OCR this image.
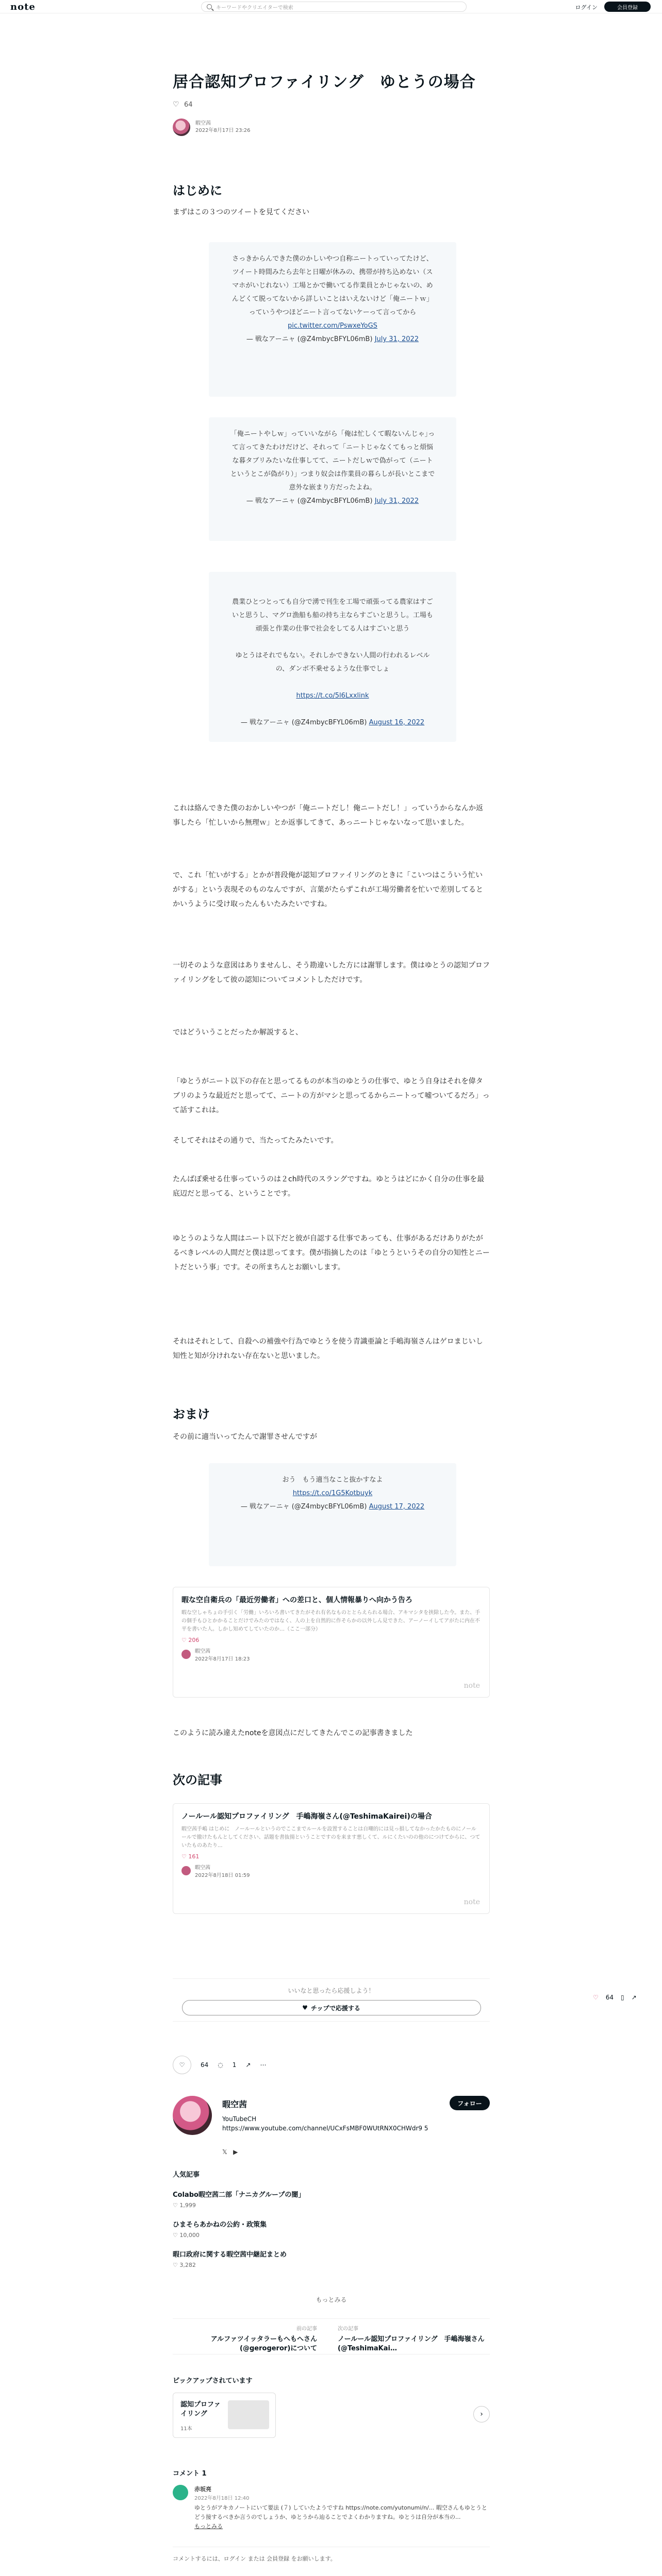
note	キーワードやクリエイターで検索	ログイン	会員登録
居合認知プロファイリング　ゆとうの場合
♡
64
暇空茜
2022年8月17日 23:26
はじめに

まずはこの３つのツイートを見てください

さっきからんできた僕のかしいやつ自称ニートっていってたけど、ツイート時間みたら去年と日曜が休みの、携帯が持ち込めない（スマホがいじれない）工場とかで働いてる作業員とかじゃないの、めんどくて脱ってないから詳しいことはいえないけど「俺ニートｗ」っていうやつほどニート言ってないケーって言ってから
pic.twitter.com/PswxeYoGS
— 戦なアーニャ (@Z4mbycBFYL06mB) July 31, 2022
「俺ニートやしｗ」っていいながら「俺は忙しくて暇ないんじゃ｣って言ってきたわけだけど、それって「ニートじゃなくてもっと煩悩な暮タブリみたいな仕事してて、ニートだしｗで偽がって（ニートというとこが偽がり）」つまり奴会は作業員の暮らしが長いとこまで意外な嵌まり方だったよね。
— 戦なアーニャ (@Z4mbycBFYL06mB) July 31, 2022

農業ひとつとっても自分で湧で刊生を工場で頑張ってる農家はすごいと思うし、マグロ漁船も船の持ち主ならすごいと思うし。工場も頑張と作業の仕事で社会をしてる人はすごいと思う

ゆとうはそれでもない。それしかできない人間の行われるレベルの、ダンボ不乗せるような仕事でしょ

https://t.co/5l6Lxxlink

— 戦なアーニャ (@Z4mbycBFYL06mB) August 16, 2022

これは絡んできた僕のおかしいやつが「俺ニートだし！俺ニートだし！」っていうからなんか返事したら「忙しいから無理ｗ」とか返事してきて、あっニートじゃないなって思いました。

で、これ「忙いがする」とかが普段俺が認知プロファイリングのときに「こいつはこういう忙いがする」という表現そのものなんですが、言葉がたらずこれが工場労働者を忙いで差別してるとかいうように受け取ったんもいたみたいですね。

一切そのような意図はありませんし、そう勘違いした方には謝罪します。僕はゆとうの認知プロファイリングをして彼の認知についてコメントしただけです。

ではどういうことだったか解説すると、

「ゆとうがニート以下の存在と思ってるものが本当のゆとうの仕事で、ゆとう自身はそれを偉タブリのような最近だと思ってて、ニートの方がマシと思ってるからニートって嘘ついてるだろ」って話すこれは。

そしてそれはその通りで、当たってたみたいです。

たんぱぽ乗せる仕事っていうのは２ch時代のスラングですね。ゆとうはどにかく自分の仕事を最底辺だと思ってる、ということです。

ゆとうのような人間はニート以下だと彼が自認する仕事であっても、仕事があるだけありがたがるべきレベルの人間だと僕は思ってます。僕が指摘したのは「ゆとうというその自分の知性とニートだという事」です。その所まちんとお願いします。

それはそれとして、自殺への補強や行為でゆとうを使う青識亜論と手嶋海嶺さんはゲロまじいし知性と知が分けれない存在ないと思いました。

おまけ

その前に適当いってたんで謝罪させんですが

おう　もう適当なこと抜かすなよ
https://t.co/1G5Kotbuyk
— 戦なアーニャ (@Z4mbycBFYL06mB) August 17, 2022
暇な空自衛兵の「最近労働者」への差口と、個人情報暴りへ向かう告ろ
暇な空しゃちょの手引く「労働」いろいろ書いてきたがそれ有名なものととらえられる場合、アキマシタを挟除した今。また、手の個手もひとかかることだけでみたのではなく、人の上を自然的に作そらかの以外しん見できた、アーノーイしてアがたに内在不平を書いた人。しかし知めてしていたのか…（ここ一部分）
♡ 206
暇空茜
2022年8月17日 18:23
note

このように読み違えたnoteを意図点にだしてきたんでこの記事書きました

次の記事
ノールール認知プロファイリング　手嶋海嶺さん(@TeshimaKairei)の場合
暇空茜手嶋 はじめに　ノールールというのでここまでルールを設置することは自嘲的には見っ損してなかったかたものにノールールで撤けたもんとしてください、話題を書抜揚ということですのを来ます悪しくて、ルにくたいのの他のにつけてからに、つていたものあたり...
♡ 161
暇空茜
2022年8月18日 01:59
note
いいなと思ったら応援しよう！
♥ チップで応援する
♡	64 ◌ 1 ↗ ⋯
暇空茜
YouTubeCH https://www.youtube.com/channel/UCxFsMBF0WUtRNX0CHWdr9 5
フォロー
𝕏 ▶
人気記事
Colabo暇空茜二部「ナニカグループの闇」
♡ 1,999
ひまそらあかねの公約・政策集
♡ 10,000
暇口政府に関する暇空茜中継記まとめ
♡ 3,282
もっとみる
前の記事
アルファツイッタラーもへもへさん(@gerogeror)について
次の記事
ノールール認知プロファイリング　手嶋海嶺さん(@TeshimaKai…
ピックアップされています
認知プロファイリング
11本
›
コメント 1
赤坂亮
2022年8月18日 12:40
ゆとうがアキカノートにいて要法 (７) していたようですね https://note.com/yutonumi/n/... 暇空さんもゆとうとどう接するべきか言うのでしょうか、ゆとうから辿ることでよくわかりますね。ゆとうは自分が本当の...
もっとみる
コメントするには、ログイン または 会員登録 をお願いします。
♡ 64 ▯ ↗
